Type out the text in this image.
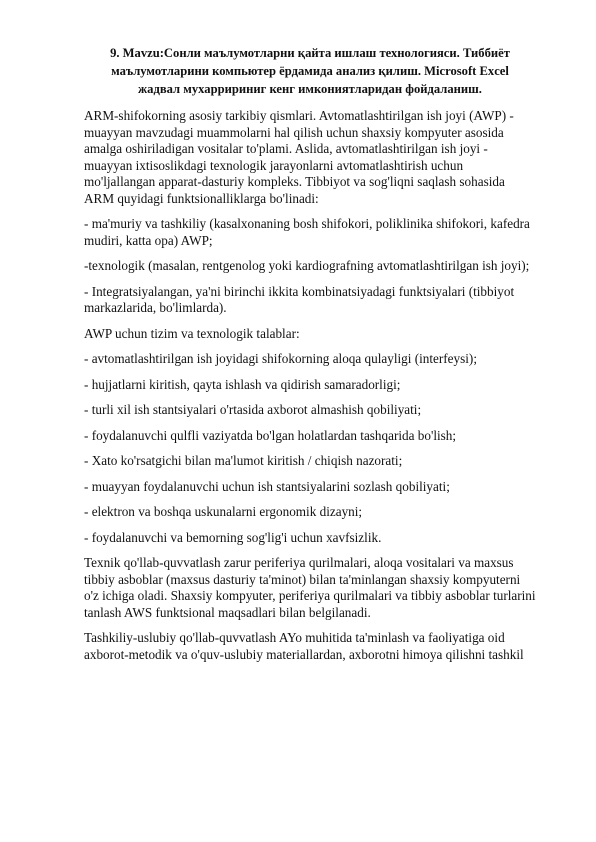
9. Mavzu:Сонли маълумотларни қайта ишлаш технологияси. Тиббиёт маълумотларини компьютер ёрдамида анализ қилиш. Microsoft Excel жадвал мухарририниг кенг имкониятларидан фойдаланиш.

ARM-shifokorning asosiy tarkibiy qismlari. Avtomatlashtirilgan ish joyi (AWP) - muayyan mavzudagi muammolarni hal qilish uchun shaxsiy kompyuter asosida amalga oshiriladigan vositalar to'plami. Aslida, avtomatlashtirilgan ish joyi - muayyan ixtisoslikdagi texnologik jarayonlarni avtomatlashtirish uchun mo'ljallangan apparat-dasturiy kompleks. Tibbiyot va sog'liqni saqlash sohasida ARM quyidagi funktsionalliklarga bo'linadi:

- ma'muriy va tashkiliy (kasalxonaning bosh shifokori, poliklinika shifokori, kafedra mudiri, katta opa) AWP;

-texnologik (masalan, rentgenolog yoki kardiografning avtomatlashtirilgan ish joyi);

- Integratsiyalangan, ya'ni birinchi ikkita kombinatsiyadagi funktsiyalari (tibbiyot markazlarida, bo'limlarda).

AWP uchun tizim va texnologik talablar:

- avtomatlashtirilgan ish joyidagi shifokorning aloqa qulayligi (interfeysi);

- hujjatlarni kiritish, qayta ishlash va qidirish samaradorligi;

- turli xil ish stantsiyalari o'rtasida axborot almashish qobiliyati;

- foydalanuvchi qulfli vaziyatda bo'lgan holatlardan tashqarida bo'lish;

- Xato ko'rsatgichi bilan ma'lumot kiritish / chiqish nazorati;

- muayyan foydalanuvchi uchun ish stantsiyalarini sozlash qobiliyati;

- elektron va boshqa uskunalarni ergonomik dizayni;

- foydalanuvchi va bemorning sog'lig'i uchun xavfsizlik.

Texnik qo'llab-quvvatlash zarur periferiya qurilmalari, aloqa vositalari va maxsus tibbiy asboblar (maxsus dasturiy ta'minot) bilan ta'minlangan shaxsiy kompyuterni o'z ichiga oladi. Shaxsiy kompyuter, periferiya qurilmalari va tibbiy asboblar turlarini tanlash AWS funktsional maqsadlari bilan belgilanadi.

Tashkiliy-uslubiy qo'llab-quvvatlash AYo muhitida ta'minlash va faoliyatiga oid axborot-metodik va o'quv-uslubiy materiallardan, axborotni himoya qilishni tashkil
